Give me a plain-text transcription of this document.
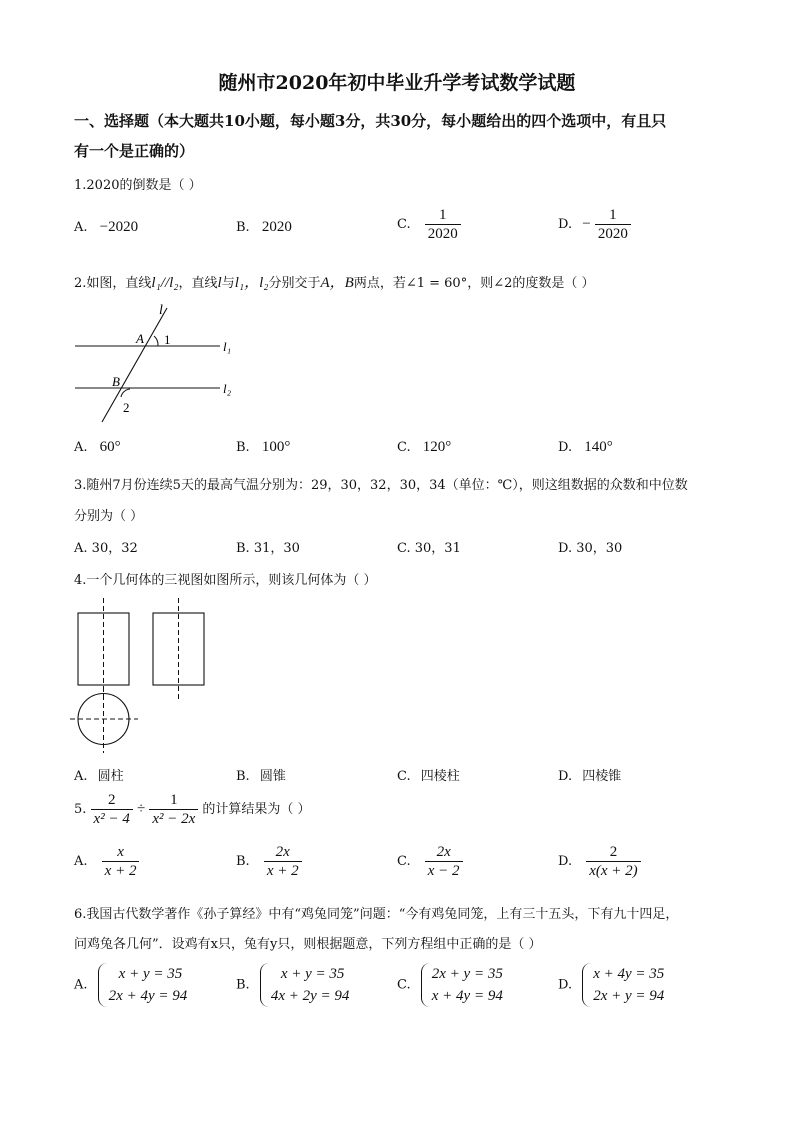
随州市2020年初中毕业升学考试数学试题
一、选择题（本大题共10小题，每小题3分，共30分，每小题给出的四个选项中，有且只
有一个是正确的）
1.2020的倒数是（ ）
A. −2020	B. 2020	C. $\frac{1}{2020}$	D. − $\frac{1}{2020}$
2.如图，直线l₁//l₂，直线l与l₁，l₂分别交于A，B两点，若∠1 = 60°，则∠2的度数是（ ）
l
A 1	l₁
B	l₂
2
A. 60°	B. 100°	C. 120°	D. 140°
3.随州7月份连续5天的最高气温分别为：29，30，32，30，34（单位：℃），则这组数据的众数和中位数
分别为（ ）
A. 30，32	B. 31，30	C. 30，31	D. 30，30
4.一个几何体的三视图如图所示，则该几何体为（ ）
A. 圆柱	B. 圆锥	C. 四棱柱	D. 四棱锥
5. $\frac{2}{\text{x² − 4}} \div \frac{1}{\text{x² − 2x}}$ 的计算结果为（ ）
A. $\frac{x}{x + 2}$	B. $\frac{2x}{x + 2}$	C. $\frac{2x}{x - 2}$	D. $\frac{2}{x(x + 2)}$
6.我国古代数学著作《孙子算经》中有“鸡兔同笼”问题：“今有鸡兔同笼，上有三十五头，下有九十四足，
问鸡兔各几何”．设鸡有x只，兔有y只，则根据题意，下列方程组中正确的是（ ）
A.
x + y = 35
2x + 4y = 94
B.
x + y = 35
4x + 2y = 94
C.
2x + y = 35
x + 4y = 94
D.
x + 4y = 35
2x + y = 94
